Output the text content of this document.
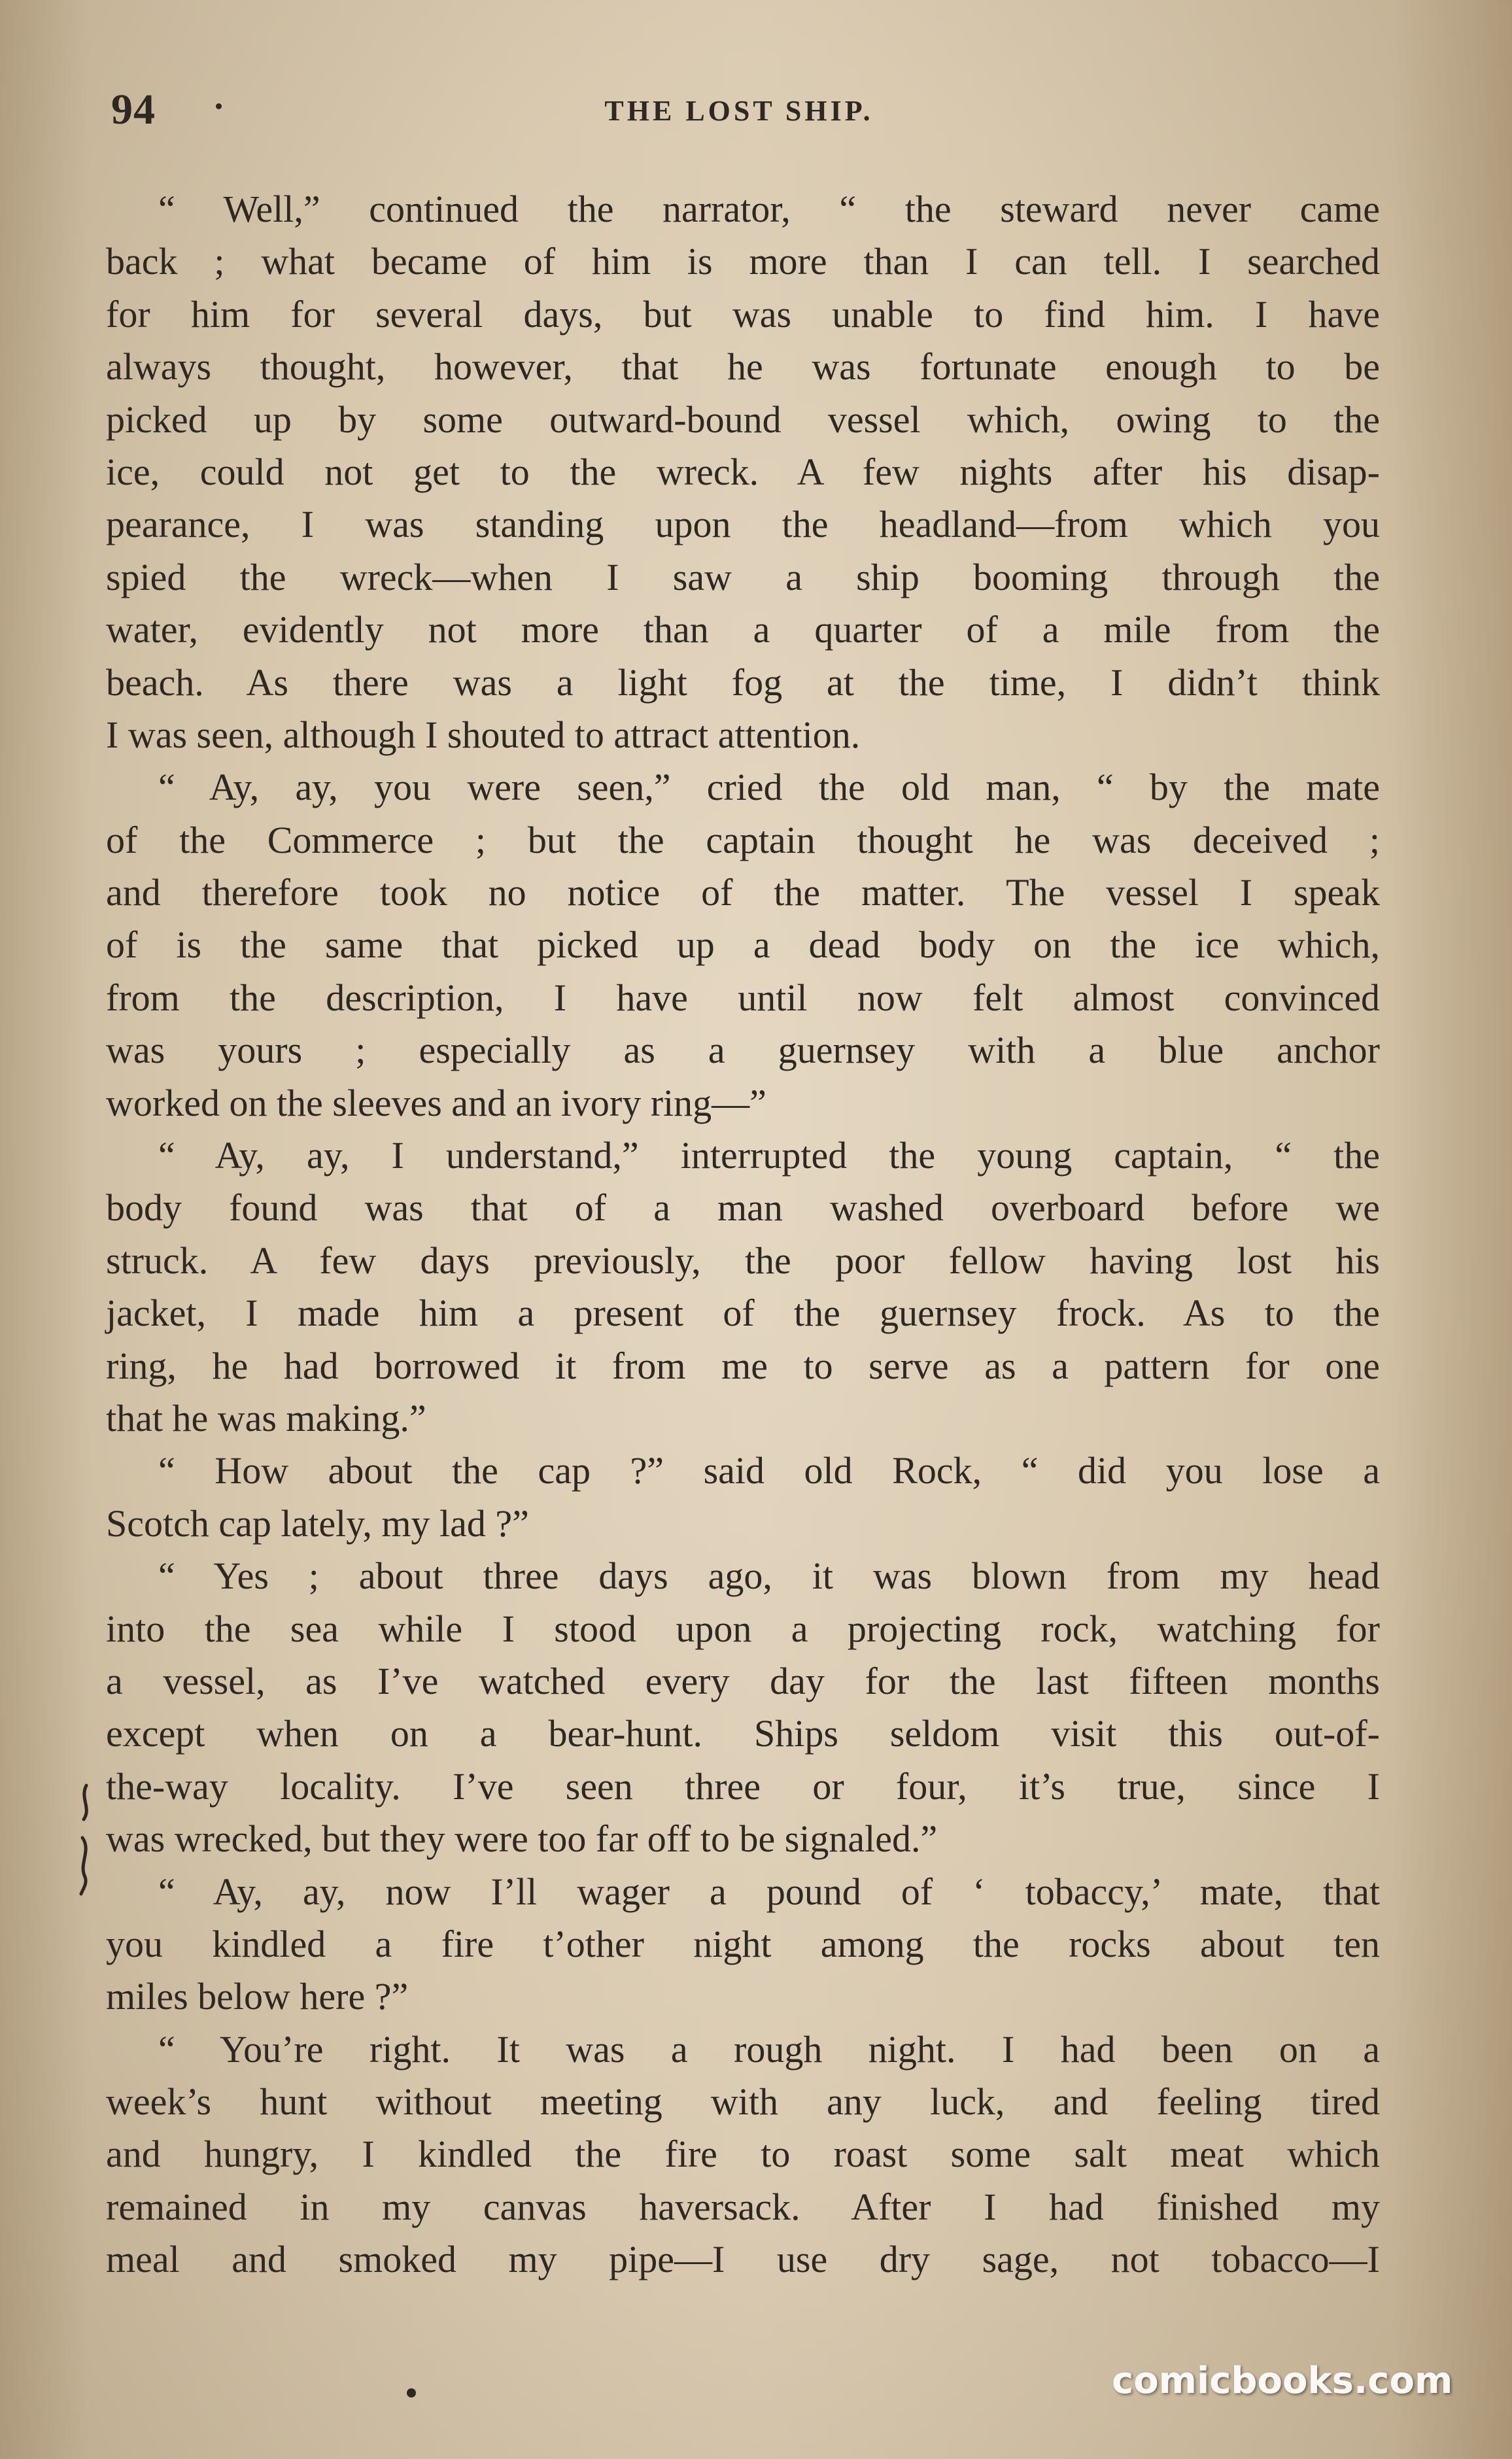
94	THE LOST SHIP.
“ Well,” continued the narrator, “ the steward never came
back ; what became of him is more than I can tell. I searched
for him for several days, but was unable to find him. I have
always thought, however, that he was fortunate enough to be
picked up by some outward-bound vessel which, owing to the
ice, could not get to the wreck. A few nights after his disap-
pearance, I was standing upon the headland—from which you
spied the wreck—when I saw a ship booming through the
water, evidently not more than a quarter of a mile from the
beach. As there was a light fog at the time, I didn’t think
I was seen, although I shouted to attract attention.
“ Ay, ay, you were seen,” cried the old man, “ by the mate
of the Commerce ; but the captain thought he was deceived ;
and therefore took no notice of the matter. The vessel I speak
of is the same that picked up a dead body on the ice which,
from the description, I have until now felt almost convinced
was yours ; especially as a guernsey with a blue anchor
worked on the sleeves and an ivory ring—”
“ Ay, ay, I understand,” interrupted the young captain, “ the
body found was that of a man washed overboard before we
struck. A few days previously, the poor fellow having lost his
jacket, I made him a present of the guernsey frock. As to the
ring, he had borrowed it from me to serve as a pattern for one
that he was making.”
“ How about the cap ?” said old Rock, “ did you lose a
Scotch cap lately, my lad ?”
“ Yes ; about three days ago, it was blown from my head
into the sea while I stood upon a projecting rock, watching for
a vessel, as I’ve watched every day for the last fifteen months
except when on a bear-hunt. Ships seldom visit this out-of-
the-way locality. I’ve seen three or four, it’s true, since I
was wrecked, but they were too far off to be signaled.”
“ Ay, ay, now I’ll wager a pound of ‘ tobaccy,’ mate, that
you kindled a fire t’other night among the rocks about ten
miles below here ?”
“ You’re right. It was a rough night. I had been on a
week’s hunt without meeting with any luck, and feeling tired
and hungry, I kindled the fire to roast some salt meat which
remained in my canvas haversack. After I had finished my
meal and smoked my pipe—I use dry sage, not tobacco—I
comicbooks.com
